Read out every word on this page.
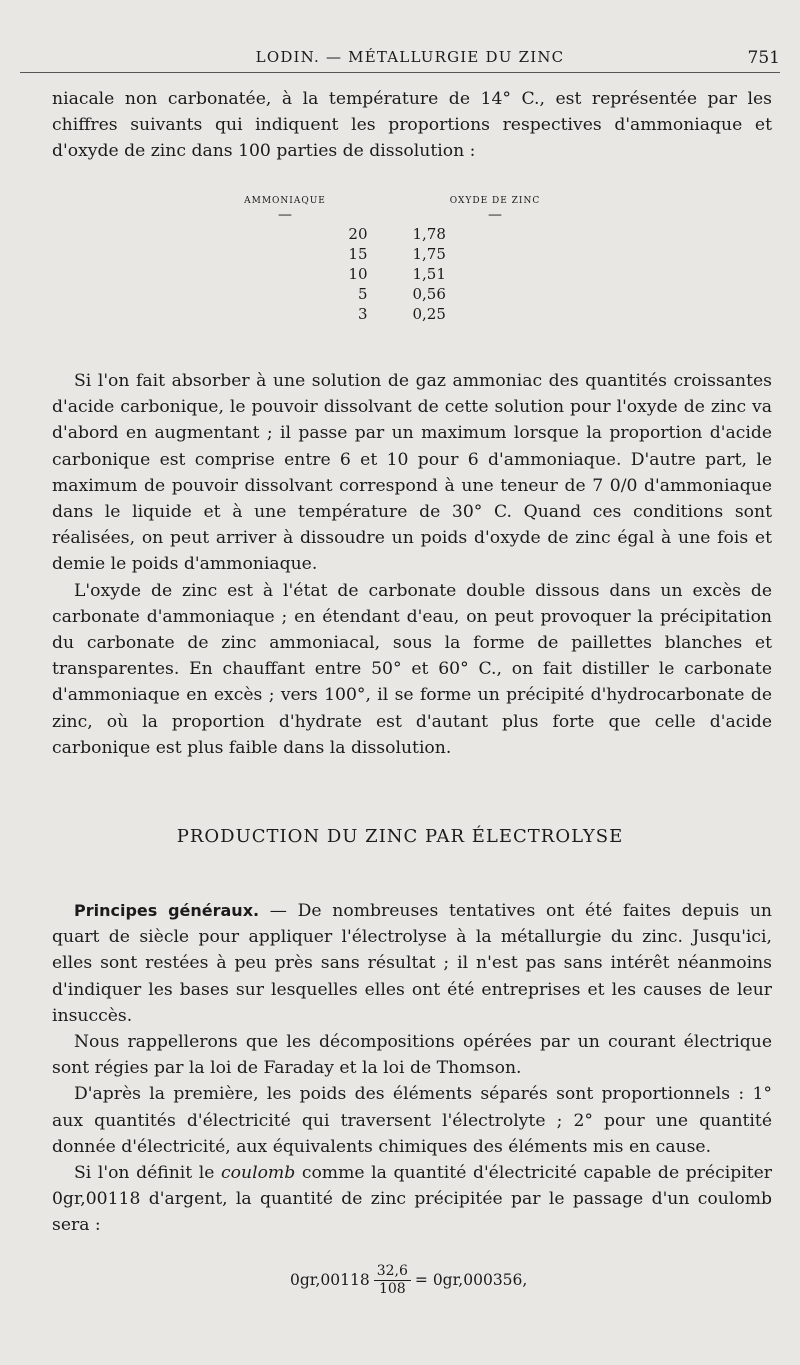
LODIN. — MÉTALLURGIE DU ZINC	751

niacale non carbonatée, à la température de 14° C., est représentée par les chiffres suivants qui indiquent les proportions respectives d'ammoniaque et d'oxyde de zinc dans 100 parties de dissolution :

AMMONIAQUE	OXYDE DE ZINC
—	—
20	1,78
15	1,75
10	1,51
5	0,56
3	0,25

Si l'on fait absorber à une solution de gaz ammoniac des quantités croissantes d'acide carbonique, le pouvoir dissolvant de cette solution pour l'oxyde de zinc va d'abord en augmentant ; il passe par un maximum lorsque la proportion d'acide carbonique est comprise entre 6 et 10 pour 6 d'ammoniaque. D'autre part, le maximum de pouvoir dissolvant correspond à une teneur de 7 0/0 d'ammoniaque dans le liquide et à une température de 30° C. Quand ces conditions sont réalisées, on peut arriver à dissoudre un poids d'oxyde de zinc égal à une fois et demie le poids d'ammoniaque.

L'oxyde de zinc est à l'état de carbonate double dissous dans un excès de carbonate d'ammoniaque ; en étendant d'eau, on peut provoquer la précipitation du carbonate de zinc ammoniacal, sous la forme de paillettes blanches et transparentes. En chauffant entre 50° et 60° C., on fait distiller le carbonate d'ammoniaque en excès ; vers 100°, il se forme un précipité d'hydrocarbonate de zinc, où la proportion d'hydrate est d'autant plus forte que celle d'acide carbonique est plus faible dans la dissolution.

PRODUCTION DU ZINC PAR ÉLECTROLYSE

Principes généraux. — De nombreuses tentatives ont été faites depuis un quart de siècle pour appliquer l'électrolyse à la métallurgie du zinc. Jusqu'ici, elles sont restées à peu près sans résultat ; il n'est pas sans intérêt néanmoins d'indiquer les bases sur lesquelles elles ont été entreprises et les causes de leur insuccès.

Nous rappellerons que les décompositions opérées par un courant électrique sont régies par la loi de Faraday et la loi de Thomson.

D'après la première, les poids des éléments séparés sont proportionnels : 1° aux quantités d'électricité qui traversent l'électrolyte ; 2° pour une quantité donnée d'électricité, aux équivalents chimiques des éléments mis en cause.

Si l'on définit le coulomb comme la quantité d'électricité capable de précipiter 0gr,00118 d'argent, la quantité de zinc précipitée par le passage d'un coulomb sera :

$0gr,00118 \frac{32,6}{108} = 0gr,000356$,
